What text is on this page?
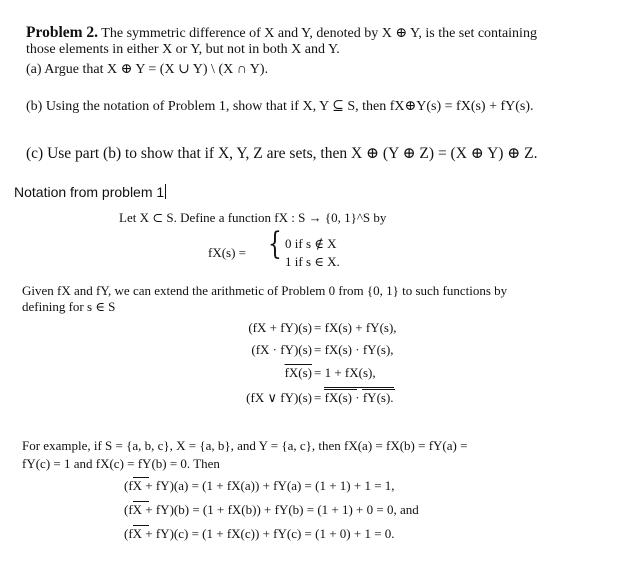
Problem 2. The symmetric difference of X and Y, denoted by X ⊕ Y, is the set containing
those elements in either X or Y, but not in both X and Y.
(a) Argue that X ⊕ Y = (X ∪ Y) \ (X ∩ Y).
(b) Using the notation of Problem 1, show that if X, Y ⊆ S, then fX⊕Y(s) = fX(s) + fY(s).
(c) Use part (b) to show that if X, Y, Z are sets, then X ⊕ (Y ⊕ Z) = (X ⊕ Y) ⊕ Z.
Notation from problem 1
Let X ⊂ S. Define a function fX : S → {0, 1}^S by
fX(s) = { 0 if s ∉ X
1 if s ∈ X.
Given fX and fY, we can extend the arithmetic of Problem 0 from {0, 1} to such functions by
defining for s ∈ S
(fX + fY)(s) = fX(s) + fY(s),
(fX · fY)(s) = fX(s) · fY(s),
fX(s) = 1 + fX(s),
(fX ∨ fY)(s) = fX(s) · fY(s).
For example, if S = {a, b, c}, X = {a, b}, and Y = {a, c}, then fX(a) = fX(b) = fY(a) =
fY(c) = 1 and fX(c) = fY(b) = 0. Then
(fX + fY)(a) = (1 + fX(a)) + fY(a) = (1 + 1) + 1 = 1,
(fX + fY)(b) = (1 + fX(b)) + fY(b) = (1 + 1) + 0 = 0, and
(fX + fY)(c) = (1 + fX(c)) + fY(c) = (1 + 0) + 1 = 0.
